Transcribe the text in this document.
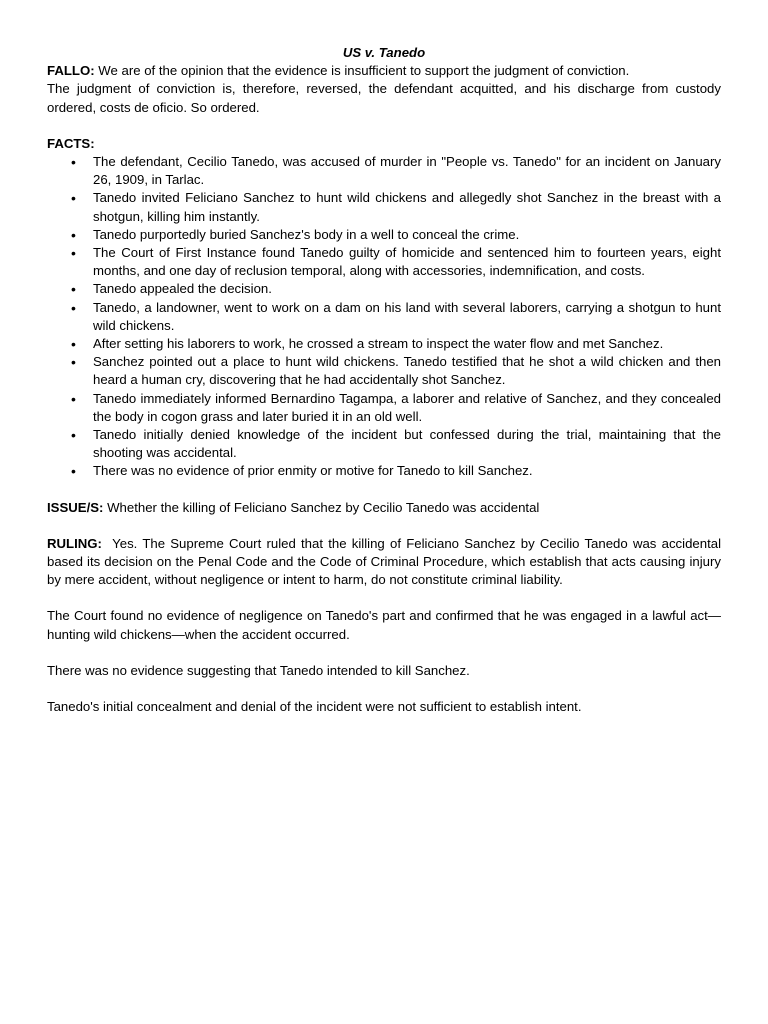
US v. Tanedo

FALLO: We are of the opinion that the evidence is insufficient to support the judgment of conviction.

The judgment of conviction is, therefore, reversed, the defendant acquitted, and his discharge from custody ordered, costs de oficio. So ordered.

FACTS:

• The defendant, Cecilio Tanedo, was accused of murder in "People vs. Tanedo" for an incident on January 26, 1909, in Tarlac.
• Tanedo invited Feliciano Sanchez to hunt wild chickens and allegedly shot Sanchez in the breast with a shotgun, killing him instantly.
• Tanedo purportedly buried Sanchez's body in a well to conceal the crime.
• The Court of First Instance found Tanedo guilty of homicide and sentenced him to fourteen years, eight months, and one day of reclusion temporal, along with accessories, indemnification, and costs.
• Tanedo appealed the decision.
• Tanedo, a landowner, went to work on a dam on his land with several laborers, carrying a shotgun to hunt wild chickens.
• After setting his laborers to work, he crossed a stream to inspect the water flow and met Sanchez.
• Sanchez pointed out a place to hunt wild chickens. Tanedo testified that he shot a wild chicken and then heard a human cry, discovering that he had accidentally shot Sanchez.
• Tanedo immediately informed Bernardino Tagampa, a laborer and relative of Sanchez, and they concealed the body in cogon grass and later buried it in an old well.
• Tanedo initially denied knowledge of the incident but confessed during the trial, maintaining that the shooting was accidental.
• There was no evidence of prior enmity or motive for Tanedo to kill Sanchez.

ISSUE/S: Whether the killing of Feliciano Sanchez by Cecilio Tanedo was accidental

RULING:  Yes. The Supreme Court ruled that the killing of Feliciano Sanchez by Cecilio Tanedo was accidental based its decision on the Penal Code and the Code of Criminal Procedure, which establish that acts causing injury by mere accident, without negligence or intent to harm, do not constitute criminal liability.

The Court found no evidence of negligence on Tanedo's part and confirmed that he was engaged in a lawful act—hunting wild chickens—when the accident occurred.

There was no evidence suggesting that Tanedo intended to kill Sanchez.

Tanedo's initial concealment and denial of the incident were not sufficient to establish intent.
